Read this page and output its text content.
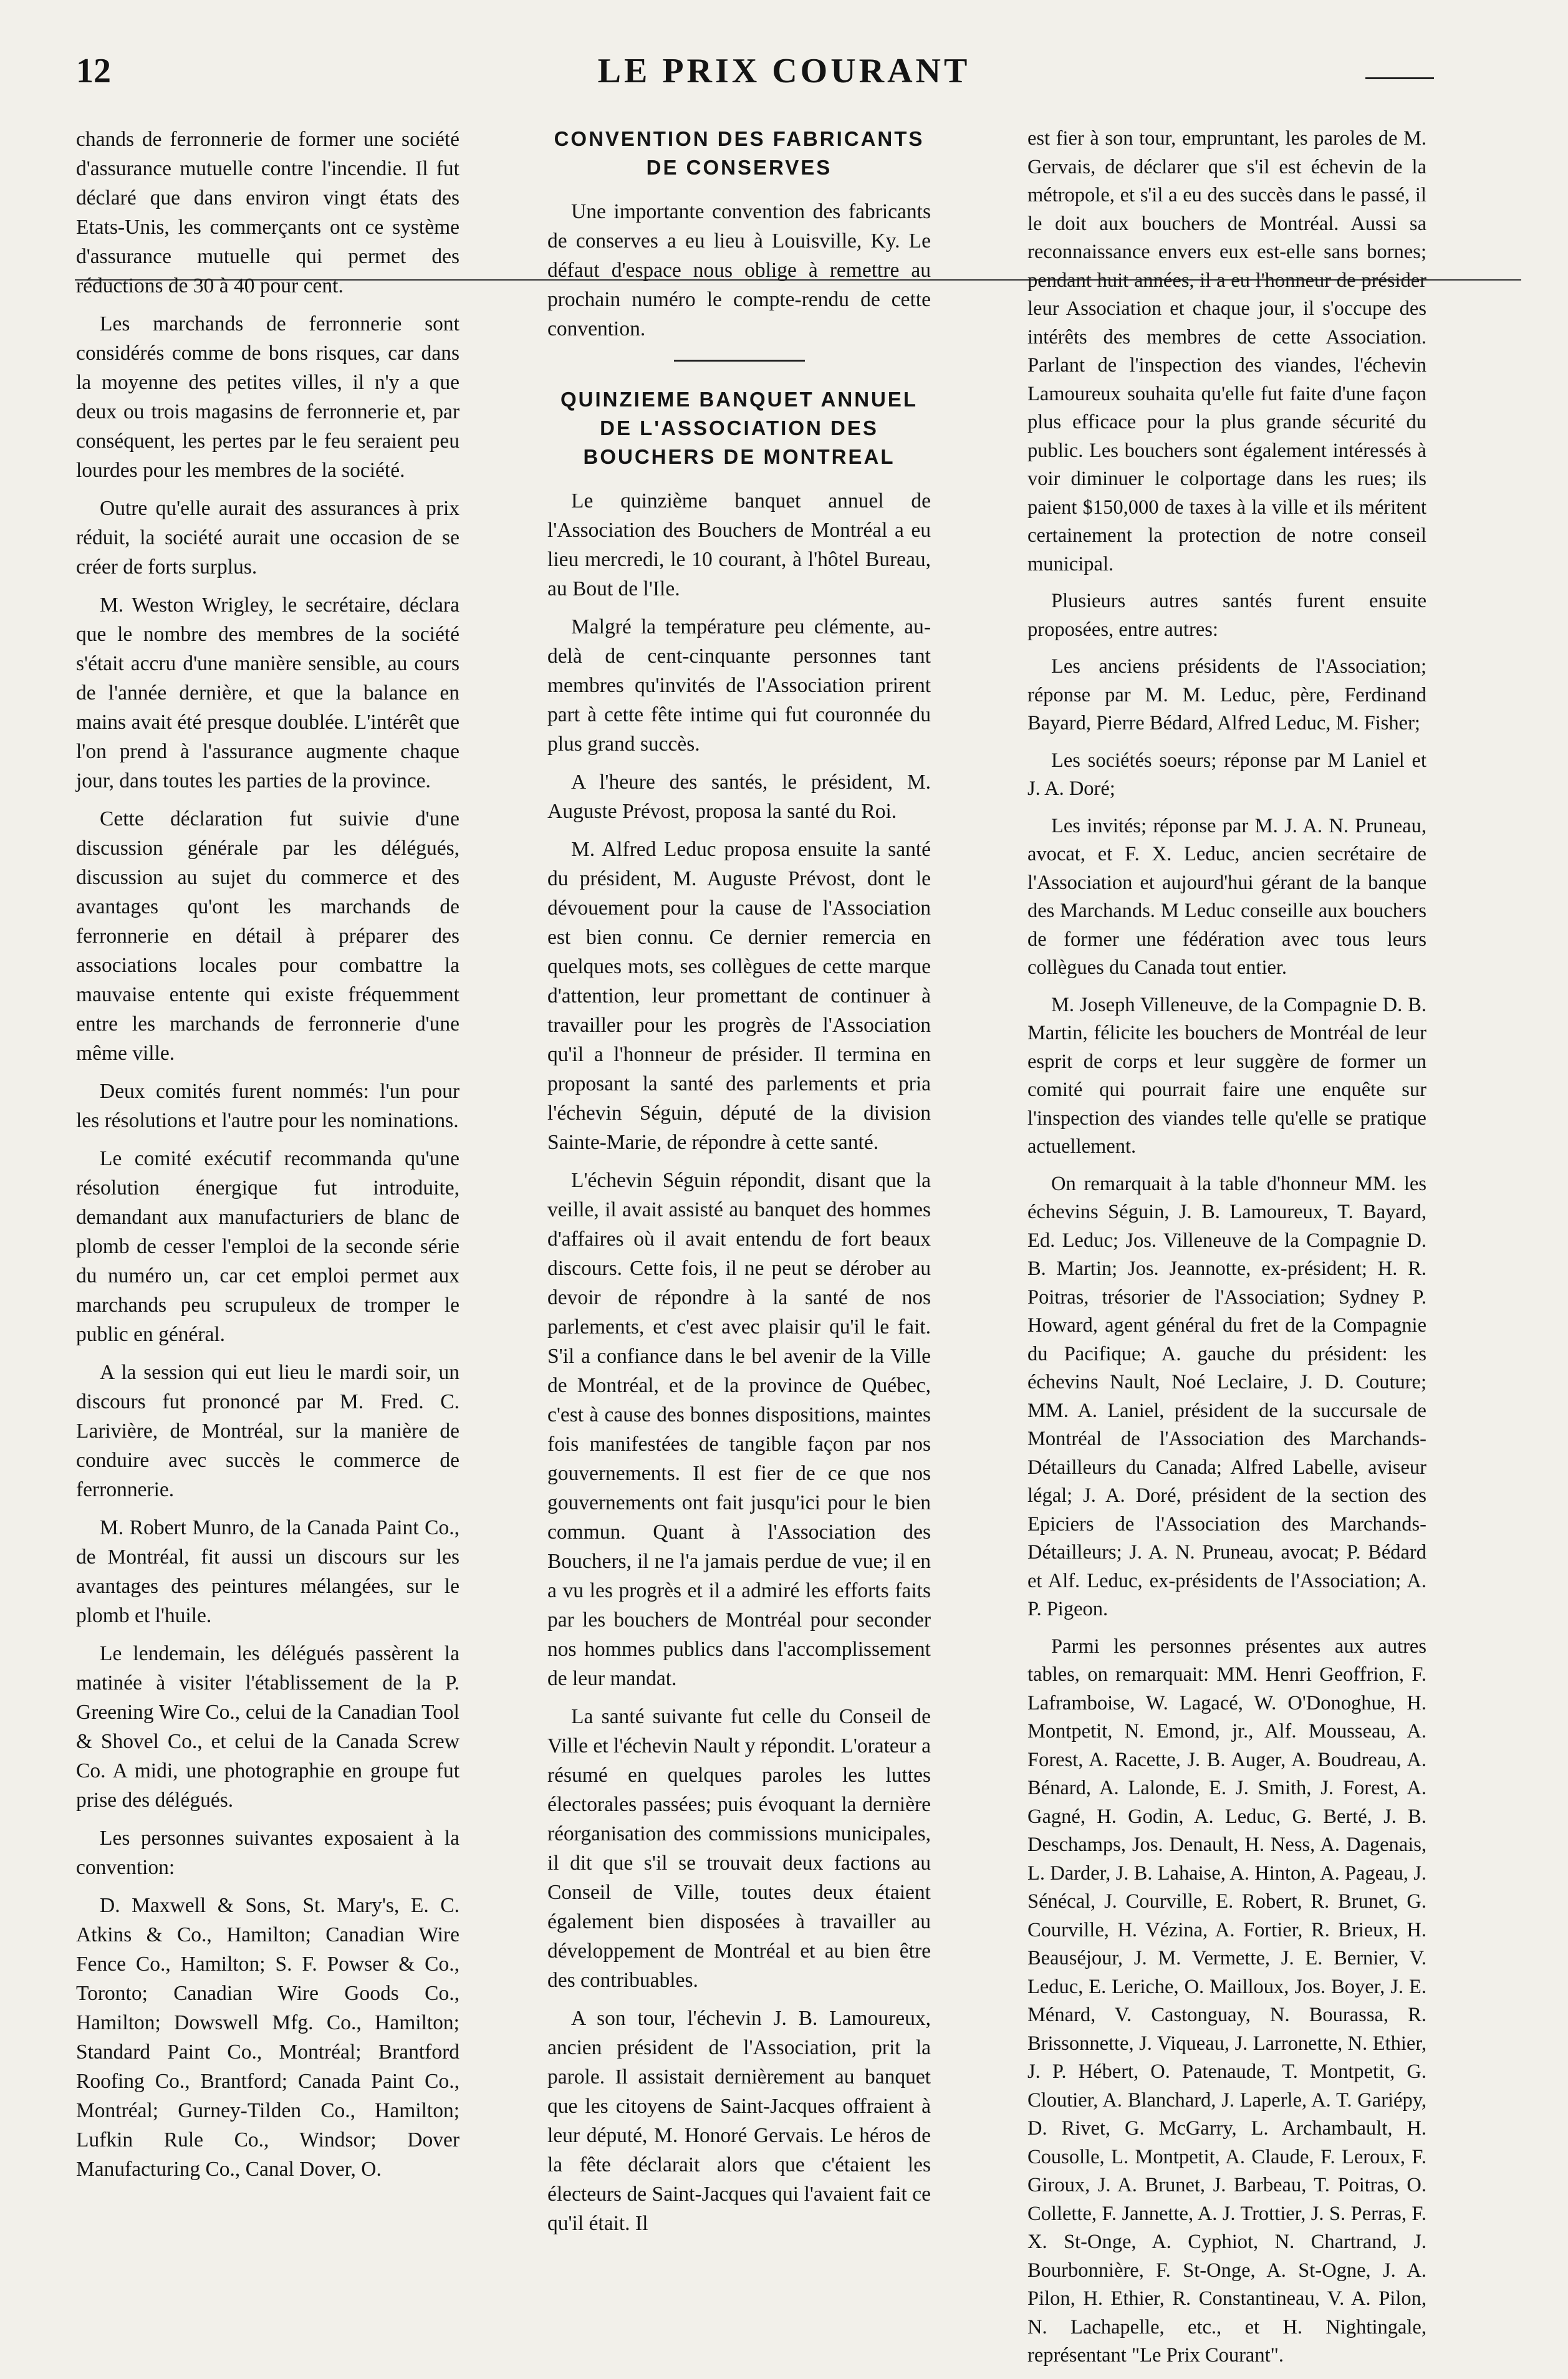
12	LE PRIX COURANT

chands de ferronnerie de former une société d'assurance mutuelle contre l'incendie. Il fut déclaré que dans environ vingt états des Etats-Unis, les commerçants ont ce système d'assurance mutuelle qui permet des réductions de 30 à 40 pour cent.

Les marchands de ferronnerie sont considérés comme de bons risques, car dans la moyenne des petites villes, il n'y a que deux ou trois magasins de ferronnerie et, par conséquent, les pertes par le feu seraient peu lourdes pour les membres de la société.

Outre qu'elle aurait des assurances à prix réduit, la société aurait une occasion de se créer de forts surplus.

M. Weston Wrigley, le secrétaire, déclara que le nombre des membres de la société s'était accru d'une manière sensible, au cours de l'année dernière, et que la balance en mains avait été presque doublée. L'intérêt que l'on prend à l'assurance augmente chaque jour, dans toutes les parties de la province.

Cette déclaration fut suivie d'une discussion générale par les délégués, discussion au sujet du commerce et des avantages qu'ont les marchands de ferronnerie en détail à préparer des associations locales pour combattre la mauvaise entente qui existe fréquemment entre les marchands de ferronnerie d'une même ville.

Deux comités furent nommés: l'un pour les résolutions et l'autre pour les nominations.

Le comité exécutif recommanda qu'une résolution énergique fut introduite, demandant aux manufacturiers de blanc de plomb de cesser l'emploi de la seconde série du numéro un, car cet emploi permet aux marchands peu scrupuleux de tromper le public en général.

A la session qui eut lieu le mardi soir, un discours fut prononcé par M. Fred. C. Larivière, de Montréal, sur la manière de conduire avec succès le commerce de ferronnerie.

M. Robert Munro, de la Canada Paint Co., de Montréal, fit aussi un discours sur les avantages des peintures mélangées, sur le plomb et l'huile.

Le lendemain, les délégués passèrent la matinée à visiter l'établissement de la P. Greening Wire Co., celui de la Canadian Tool & Shovel Co., et celui de la Canada Screw Co. A midi, une photographie en groupe fut prise des délégués.

Les personnes suivantes exposaient à la convention:

D. Maxwell & Sons, St. Mary's, E. C. Atkins & Co., Hamilton; Canadian Wire Fence Co., Hamilton; S. F. Powser & Co., Toronto; Canadian Wire Goods Co., Hamilton; Dowswell Mfg. Co., Hamilton; Standard Paint Co., Montréal; Brantford Roofing Co., Brantford; Canada Paint Co., Montréal; Gurney-Tilden Co., Hamilton; Lufkin Rule Co., Windsor; Dover Manufacturing Co., Canal Dover, O.

CONVENTION DES FABRICANTS DE CONSERVES

Une importante convention des fabricants de conserves a eu lieu à Louisville, Ky. Le défaut d'espace nous oblige à remettre au prochain numéro le compte-rendu de cette convention.

QUINZIEME BANQUET ANNUEL DE L'ASSOCIATION DES BOUCHERS DE MONTREAL

Le quinzième banquet annuel de l'Association des Bouchers de Montréal a eu lieu mercredi, le 10 courant, à l'hôtel Bureau, au Bout de l'Ile.

Malgré la température peu clémente, au-delà de cent-cinquante personnes tant membres qu'invités de l'Association prirent part à cette fête intime qui fut couronnée du plus grand succès.

A l'heure des santés, le président, M. Auguste Prévost, proposa la santé du Roi.

M. Alfred Leduc proposa ensuite la santé du président, M. Auguste Prévost, dont le dévouement pour la cause de l'Association est bien connu. Ce dernier remercia en quelques mots, ses collègues de cette marque d'attention, leur promettant de continuer à travailler pour les progrès de l'Association qu'il a l'honneur de présider. Il termina en proposant la santé des parlements et pria l'échevin Séguin, député de la division Sainte-Marie, de répondre à cette santé.

L'échevin Séguin répondit, disant que la veille, il avait assisté au banquet des hommes d'affaires où il avait entendu de fort beaux discours. Cette fois, il ne peut se dérober au devoir de répondre à la santé de nos parlements, et c'est avec plaisir qu'il le fait. S'il a confiance dans le bel avenir de la Ville de Montréal, et de la province de Québec, c'est à cause des bonnes dispositions, maintes fois manifestées de tangible façon par nos gouvernements. Il est fier de ce que nos gouvernements ont fait jusqu'ici pour le bien commun. Quant à l'Association des Bouchers, il ne l'a jamais perdue de vue; il en a vu les progrès et il a admiré les efforts faits par les bouchers de Montréal pour seconder nos hommes publics dans l'accomplissement de leur mandat.

La santé suivante fut celle du Conseil de Ville et l'échevin Nault y répondit. L'orateur a résumé en quelques paroles les luttes électorales passées; puis évoquant la dernière réorganisation des commissions municipales, il dit que s'il se trouvait deux factions au Conseil de Ville, toutes deux étaient également bien disposées à travailler au développement de Montréal et au bien être des contribuables.

A son tour, l'échevin J. B. Lamoureux, ancien président de l'Association, prit la parole. Il assistait dernièrement au banquet que les citoyens de Saint-Jacques offraient à leur député, M. Honoré Gervais. Le héros de la fête déclarait alors que c'étaient les électeurs de Saint-Jacques qui l'avaient fait ce qu'il était. Il

est fier à son tour, empruntant, les paroles de M. Gervais, de déclarer que s'il est échevin de la métropole, et s'il a eu des succès dans le passé, il le doit aux bouchers de Montréal. Aussi sa reconnaissance envers eux est-elle sans bornes; pendant huit années, il a eu l'honneur de présider leur Association et chaque jour, il s'occupe des intérêts des membres de cette Association. Parlant de l'inspection des viandes, l'échevin Lamoureux souhaita qu'elle fut faite d'une façon plus efficace pour la plus grande sécurité du public. Les bouchers sont également intéressés à voir diminuer le colportage dans les rues; ils paient $150,000 de taxes à la ville et ils méritent certainement la protection de notre conseil municipal.

Plusieurs autres santés furent ensuite proposées, entre autres:

Les anciens présidents de l'Association; réponse par M. M. Leduc, père, Ferdinand Bayard, Pierre Bédard, Alfred Leduc, M. Fisher;

Les sociétés soeurs; réponse par M Laniel et J. A. Doré;

Les invités; réponse par M. J. A. N. Pruneau, avocat, et F. X. Leduc, ancien secrétaire de l'Association et aujourd'hui gérant de la banque des Marchands. M Leduc conseille aux bouchers de former une fédération avec tous leurs collègues du Canada tout entier.

M. Joseph Villeneuve, de la Compagnie D. B. Martin, félicite les bouchers de Montréal de leur esprit de corps et leur suggère de former un comité qui pourrait faire une enquête sur l'inspection des viandes telle qu'elle se pratique actuellement.

On remarquait à la table d'honneur MM. les échevins Séguin, J. B. Lamoureux, T. Bayard, Ed. Leduc; Jos. Villeneuve de la Compagnie D. B. Martin; Jos. Jeannotte, ex-président; H. R. Poitras, trésorier de l'Association; Sydney P. Howard, agent général du fret de la Compagnie du Pacifique; A. gauche du président: les échevins Nault, Noé Leclaire, J. D. Couture; MM. A. Laniel, président de la succursale de Montréal de l'Association des Marchands-Détailleurs du Canada; Alfred Labelle, aviseur légal; J. A. Doré, président de la section des Epiciers de l'Association des Marchands-Détailleurs; J. A. N. Pruneau, avocat; P. Bédard et Alf. Leduc, ex-présidents de l'Association; A. P. Pigeon.

Parmi les personnes présentes aux autres tables, on remarquait: MM. Henri Geoffrion, F. Laframboise, W. Lagacé, W. O'Donoghue, H. Montpetit, N. Emond, jr., Alf. Mousseau, A. Forest, A. Racette, J. B. Auger, A. Boudreau, A. Bénard, A. Lalonde, E. J. Smith, J. Forest, A. Gagné, H. Godin, A. Leduc, G. Berté, J. B. Deschamps, Jos. Denault, H. Ness, A. Dagenais, L. Darder, J. B. Lahaise, A. Hinton, A. Pageau, J. Sénécal, J. Courville, E. Robert, R. Brunet, G. Courville, H. Vézina, A. Fortier, R. Brieux, H. Beauséjour, J. M. Vermette, J. E. Bernier, V. Leduc, E. Leriche, O. Mailloux, Jos. Boyer, J. E. Ménard, V. Castonguay, N. Bourassa, R. Brissonnette, J. Viqueau, J. Larronette, N. Ethier, J. P. Hébert, O. Patenaude, T. Montpetit, G. Cloutier, A. Blanchard, J. Laperle, A. T. Gariépy, D. Rivet, G. McGarry, L. Archambault, H. Cousolle, L. Montpetit, A. Claude, F. Leroux, F. Giroux, J. A. Brunet, J. Barbeau, T. Poitras, O. Collette, F. Jannette, A. J. Trottier, J. S. Perras, F. X. St-Onge, A. Cyphiot, N. Chartrand, J. Bourbonnière, F. St-Onge, A. St-Ogne, J. A. Pilon, H. Ethier, R. Constantineau, V. A. Pilon, N. Lachapelle, etc., et H. Nightingale, représentant "Le Prix Courant".
